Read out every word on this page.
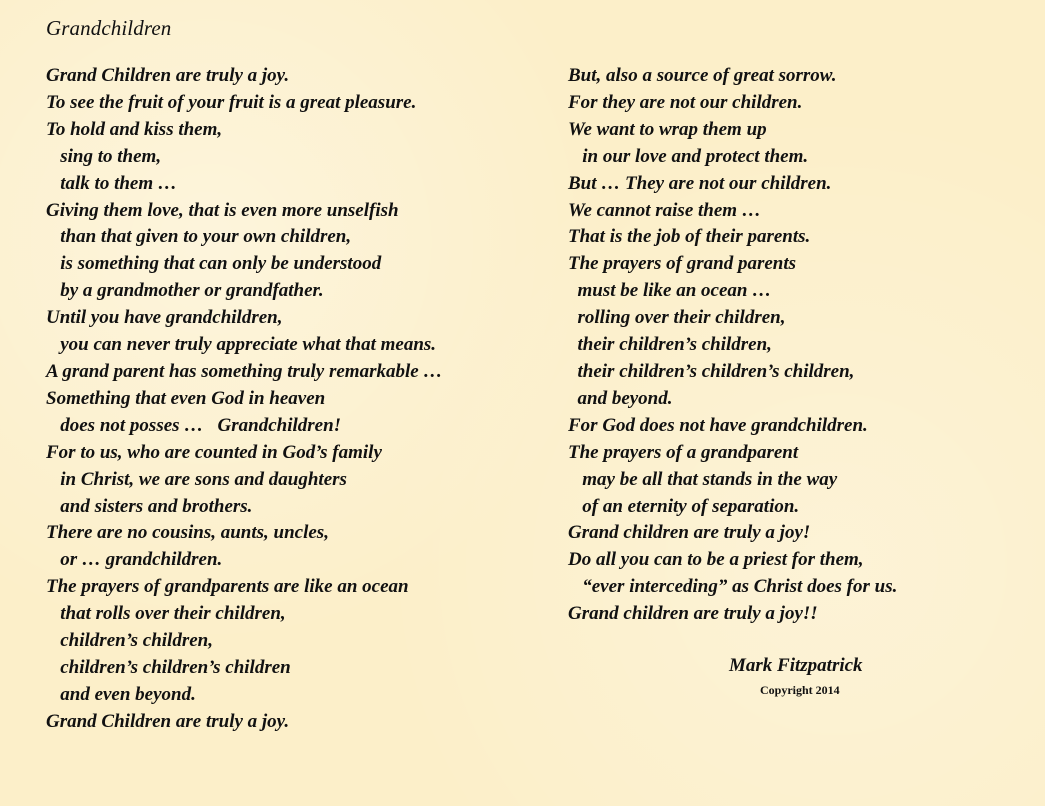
Grandchildren
Grand Children are truly a joy.
To see the fruit of your fruit is a great pleasure.
To hold and kiss them,
sing to them,
talk to them …
Giving them love, that is even more unselfish
than that given to your own children,
is something that can only be understood
by a grandmother or grandfather.
Until you have grandchildren,
you can never truly appreciate what that means.
A grand parent has something truly remarkable …
Something that even God in heaven
does not posses …   Grandchildren!
For to us, who are counted in God’s family
in Christ, we are sons and daughters
and sisters and brothers.
There are no cousins, aunts, uncles,
or … grandchildren.
The prayers of grandparents are like an ocean
that rolls over their children,
children’s children,
children’s children’s children
and even beyond.
Grand Children are truly a joy.
But, also a source of great sorrow.
For they are not our children.
We want to wrap them up
in our love and protect them.
But … They are not our children.
We cannot raise them …
That is the job of their parents.
The prayers of grand parents
must be like an ocean …
rolling over their children,
their children’s children,
their children’s children’s children,
and beyond.
For God does not have grandchildren.
The prayers of a grandparent
may be all that stands in the way
of an eternity of separation.
Grand children are truly a joy!
Do all you can to be a priest for them,
“ever interceding” as Christ does for us.
Grand children are truly a joy!!
Mark Fitzpatrick
Copyright 2014
